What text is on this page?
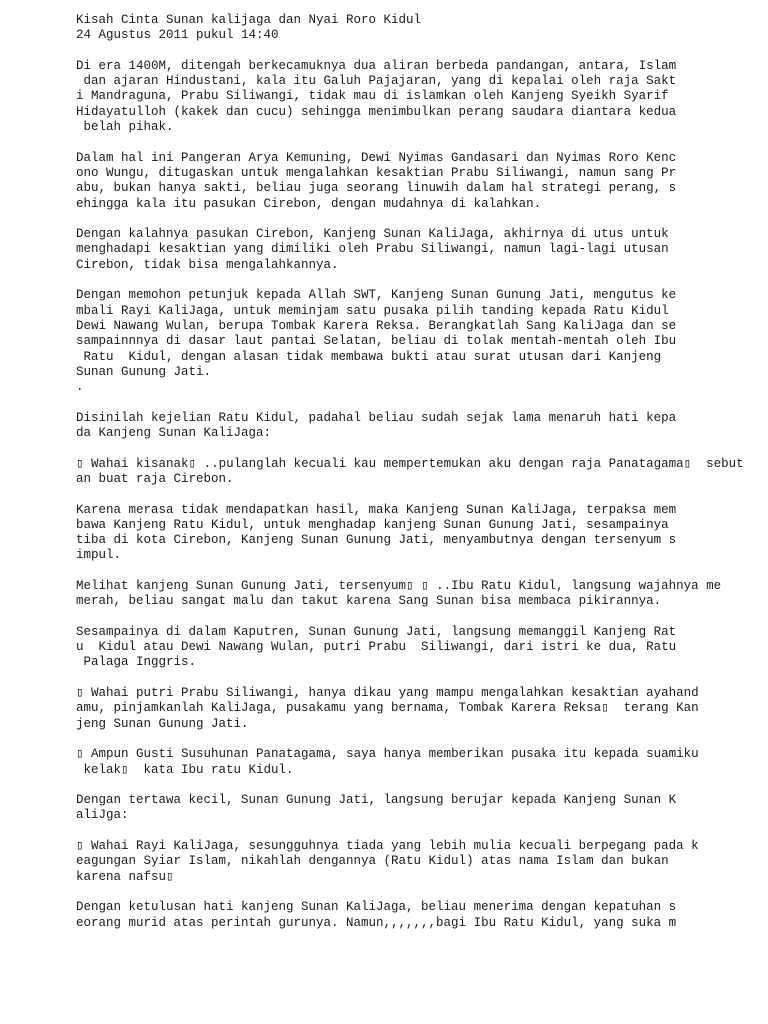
Kisah Cinta Sunan kalijaga dan Nyai Roro Kidul
24 Agustus 2011 pukul 14:40
Di era 1400M, ditengah berkecamuknya dua aliran berbeda pandangan, antara, Islam
dan ajaran Hindustani, kala itu Galuh Pajajaran, yang di kepalai oleh raja Sakt
i Mandraguna, Prabu Siliwangi, tidak mau di islamkan oleh Kanjeng Syeikh Syarif
Hidayatulloh (kakek dan cucu) sehingga menimbulkan perang saudara diantara kedua
belah pihak.
Dalam hal ini Pangeran Arya Kemuning, Dewi Nyimas Gandasari dan Nyimas Roro Kenc
ono Wungu, ditugaskan untuk mengalahkan kesaktian Prabu Siliwangi, namun sang Pr
abu, bukan hanya sakti, beliau juga seorang linuwih dalam hal strategi perang, s
ehingga kala itu pasukan Cirebon, dengan mudahnya di kalahkan.
Dengan kalahnya pasukan Cirebon, Kanjeng Sunan KaliJaga, akhirnya di utus untuk
menghadapi kesaktian yang dimiliki oleh Prabu Siliwangi, namun lagi-lagi utusan
Cirebon, tidak bisa mengalahkannya.
Dengan memohon petunjuk kepada Allah SWT, Kanjeng Sunan Gunung Jati, mengutus ke
mbali Rayi KaliJaga, untuk meminjam satu pusaka pilih tanding kepada Ratu Kidul
Dewi Nawang Wulan, berupa Tombak Karera Reksa. Berangkatlah Sang KaliJaga dan se
sampainnnya di dasar laut pantai Selatan, beliau di tolak mentah-mentah oleh Ibu
Ratu  Kidul, dengan alasan tidak membawa bukti atau surat utusan dari Kanjeng
Sunan Gunung Jati.
.
Disinilah kejelian Ratu Kidul, padahal beliau sudah sejak lama menaruh hati kepa
da Kanjeng Sunan KaliJaga:
▯ Wahai kisanak▯ ..pulanglah kecuali kau mempertemukan aku dengan raja Panatagama▯  sebut
an buat raja Cirebon.
Karena merasa tidak mendapatkan hasil, maka Kanjeng Sunan KaliJaga, terpaksa mem
bawa Kanjeng Ratu Kidul, untuk menghadap kanjeng Sunan Gunung Jati, sesampainya
tiba di kota Cirebon, Kanjeng Sunan Gunung Jati, menyambutnya dengan tersenyum s
impul.
Melihat kanjeng Sunan Gunung Jati, tersenyum▯ ▯ ..Ibu Ratu Kidul, langsung wajahnya me
merah, beliau sangat malu dan takut karena Sang Sunan bisa membaca pikirannya.
Sesampainya di dalam Kaputren, Sunan Gunung Jati, langsung memanggil Kanjeng Rat
u  Kidul atau Dewi Nawang Wulan, putri Prabu  Siliwangi, dari istri ke dua, Ratu
Palaga Inggris.
▯ Wahai putri Prabu Siliwangi, hanya dikau yang mampu mengalahkan kesaktian ayahand
amu, pinjamkanlah KaliJaga, pusakamu yang bernama, Tombak Karera Reksa▯  terang Kan
jeng Sunan Gunung Jati.
▯ Ampun Gusti Susuhunan Panatagama, saya hanya memberikan pusaka itu kepada suamiku
kelak▯  kata Ibu ratu Kidul.
Dengan tertawa kecil, Sunan Gunung Jati, langsung berujar kepada Kanjeng Sunan K
aliJga:
▯ Wahai Rayi KaliJaga, sesungguhnya tiada yang lebih mulia kecuali berpegang pada k
eagungan Syiar Islam, nikahlah dengannya (Ratu Kidul) atas nama Islam dan bukan
karena nafsu▯
Dengan ketulusan hati kanjeng Sunan KaliJaga, beliau menerima dengan kepatuhan s
eorang murid atas perintah gurunya. Namun,,,,,,,bagi Ibu Ratu Kidul, yang suka m
